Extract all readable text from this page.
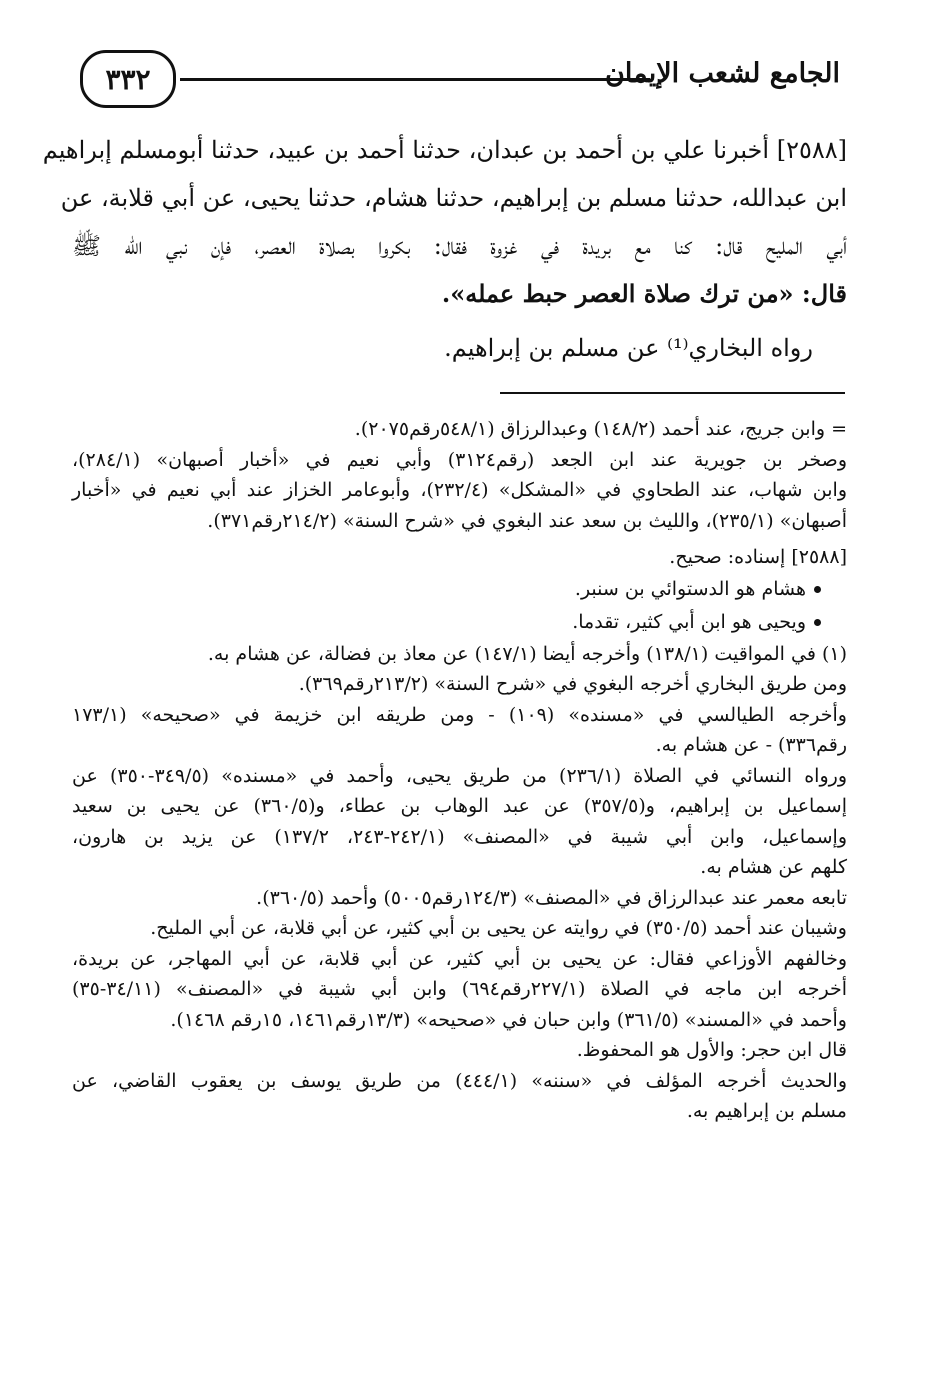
٣٣٢	الجامع لشعب الإيمان
[٢٥٨٨] أخبرنا علي بن أحمد بن عبدان، حدثنا أحمد بن عبيد، حدثنا أبومسلم إبراهيم
ابن عبدالله، حدثنا مسلم بن إبراهيم، حدثنا هشام، حدثنا يحيى، عن أبي قلابة، عن
أبي المليح قال: كنا مع بريدة في غزوة فقال: بكروا بصلاة العصر، فإن نبي الله ﷺ
قال: «من ترك صلاة العصر حبط عمله».
رواه البخاري⁽¹⁾ عن مسلم بن إبراهيم.
= وابن جريج، عند أحمد (١٤٨/٢) وعبدالرزاق (٥٤٨/١رقم٢٠٧٥).
وصخر بن جويرية عند ابن الجعد (رقم٣١٢٤) وأبي نعيم في «أخبار أصبهان» (٢٨٤/١)،
وابن شهاب، عند الطحاوي في «المشكل» (٢٣٢/٤)، وأبوعامر الخزاز عند أبي نعيم في «أخبار
أصبهان» (٢٣٥/١)، والليث بن سعد عند البغوي في «شرح السنة» (٢١٤/٢رقم٣٧١).
[٢٥٨٨] إسناده: صحيح.
هشام هو الدستوائي بن سنبر.
ويحيى هو ابن أبي كثير، تقدما.
(١) في المواقيت (١٣٨/١) وأخرجه أيضا (١٤٧/١) عن معاذ بن فضالة، عن هشام به.
ومن طريق البخاري أخرجه البغوي في «شرح السنة» (٢١٣/٢رقم٣٦٩).
وأخرجه الطيالسي في «مسنده» (١٠٩) - ومن طريقه ابن خزيمة في «صحيحه» (١٧٣/١
رقم٣٣٦) - عن هشام به.
ورواه النسائي في الصلاة (٢٣٦/١) من طريق يحيى، وأحمد في «مسنده» (٣٤٩/٥-٣٥٠) عن
إسماعيل بن إبراهيم، و(٣٥٧/٥) عن عبد الوهاب بن عطاء، و(٣٦٠/٥) عن يحيى بن سعيد
وإسماعيل، وابن أبي شيبة في «المصنف» (٢٤٢/١-٢٤٣، ١٣٧/٢) عن يزيد بن هارون،
كلهم عن هشام به.
تابعه معمر عند عبدالرزاق في «المصنف» (١٢٤/٣رقم٥٠٠٥) وأحمد (٣٦٠/٥).
وشيبان عند أحمد (٣٥٠/٥) في روايته عن يحيى بن أبي كثير، عن أبي قلابة، عن أبي المليح.
وخالفهم الأوزاعي فقال: عن يحيى بن أبي كثير، عن أبي قلابة، عن أبي المهاجر، عن بريدة،
أخرجه ابن ماجه في الصلاة (٢٢٧/١رقم٦٩٤) وابن أبي شيبة في «المصنف» (٣٤/١١-٣٥)
وأحمد في «المسند» (٣٦١/٥) وابن حبان في «صحيحه» (١٣/٣رقم١٤٦١، ١٥رقم ١٤٦٨).
قال ابن حجر: والأول هو المحفوظ.
والحديث أخرجه المؤلف في «سننه» (٤٤٤/١) من طريق يوسف بن يعقوب القاضي، عن
مسلم بن إبراهيم به.
